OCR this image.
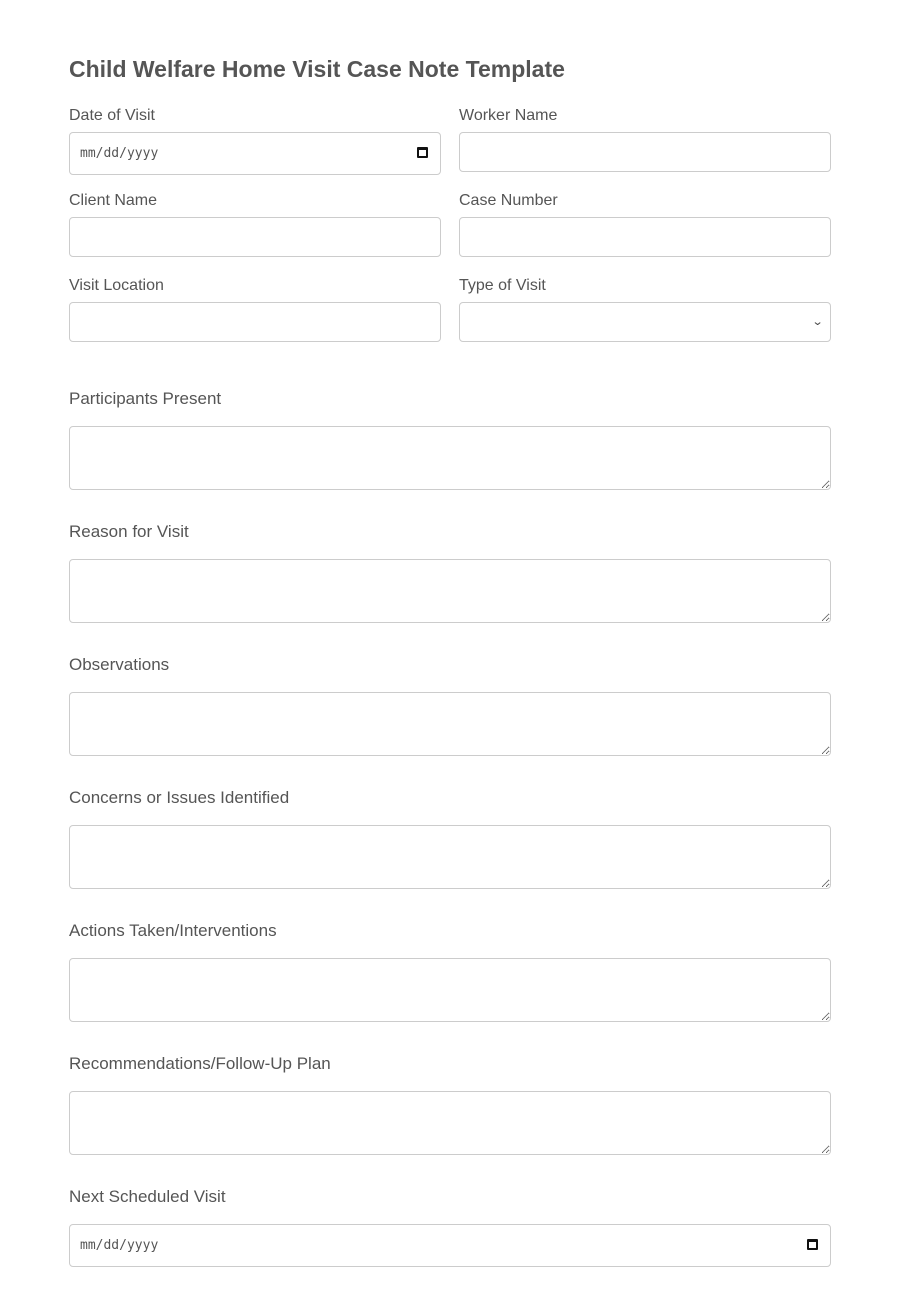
Child Welfare Home Visit Case Note Template
Date of Visit
mm/dd/yyyy
Worker Name
Client Name	Case Number
Visit Location	Type of Visit
⌄
Participants Present
Reason for Visit
Observations
Concerns or Issues Identified
Actions Taken/Interventions
Recommendations/Follow-Up Plan
Next Scheduled Visit
mm/dd/yyyy
